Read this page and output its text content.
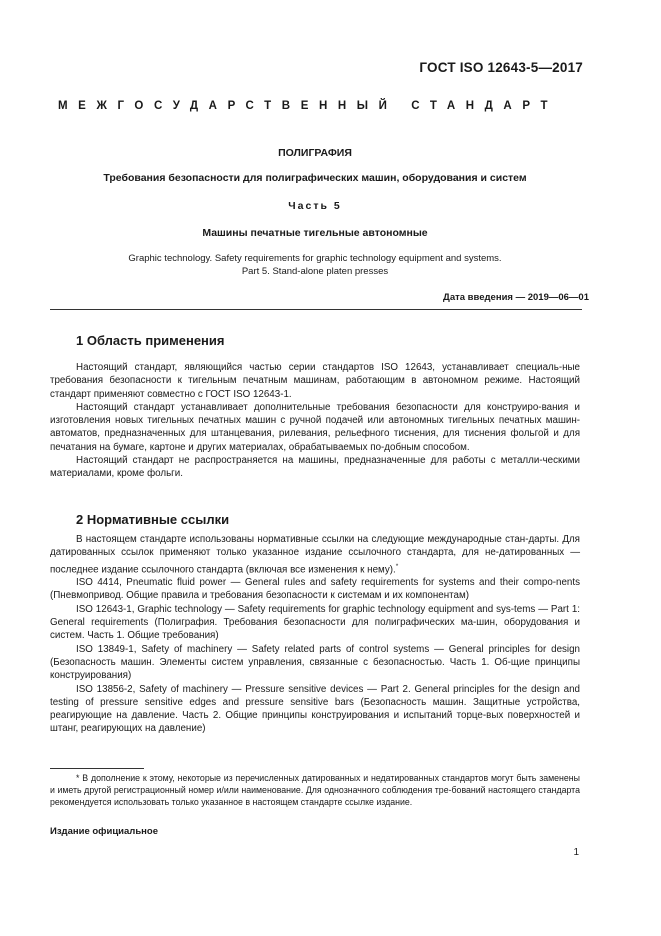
ГОСТ ISO 12643-5—2017
МЕЖГОСУДАРСТВЕННЫЙ СТАНДАРТ
ПОЛИГРАФИЯ
Требования безопасности для полиграфических машин, оборудования и систем
Часть 5
Машины печатные тигельные автономные
Graphic technology. Safety requirements for graphic technology equipment and systems.
Part 5. Stand-alone platen presses
Дата введения — 2019—06—01
1 Область применения

Настоящий стандарт, являющийся частью серии стандартов ISO 12643, устанавливает специаль-ные требования безопасности к тигельным печатным машинам, работающим в автономном режиме. Настоящий стандарт применяют совместно с ГОСТ ISO 12643-1.

Настоящий стандарт устанавливает дополнительные требования безопасности для конструиро-вания и изготовления новых тигельных печатных машин с ручной подачей или автономных тигельных печатных машин-автоматов, предназначенных для штанцевания, рилевания, рельефного тиснения, для тиснения фольгой и для печатания на бумаге, картоне и других материалах, обрабатываемых по-добным способом.

Настоящий стандарт не распространяется на машины, предназначенные для работы с металли-ческими материалами, кроме фольги.

2 Нормативные ссылки

В настоящем стандарте использованы нормативные ссылки на следующие международные стан-дарты. Для датированных ссылок применяют только указанное издание ссылочного стандарта, для не-датированных — последнее издание ссылочного стандарта (включая все изменения к нему).*

ISO 4414, Pneumatic fluid power — General rules and safety requirements for systems and their compo-nents (Пневмопривод. Общие правила и требования безопасности к системам и их компонентам)

ISO 12643-1, Graphic technology — Safety requirements for graphic technology equipment and sys-tems — Part 1: General requirements (Полиграфия. Требования безопасности для полиграфических ма-шин, оборудования и систем. Часть 1. Общие требования)

ISO 13849-1, Safety of machinery — Safety related parts of control systems — General principles for design (Безопасность машин. Элементы систем управления, связанные с безопасностью. Часть 1. Об-щие принципы конструирования)

ISO 13856-2, Safety of machinery — Pressure sensitive devices — Part 2. General principles for the design and testing of pressure sensitive edges and pressure sensitive bars (Безопасность машин. Защитные устройства, реагирующие на давление. Часть 2. Общие принципы конструирования и испытаний торце-вых поверхностей и штанг, реагирующих на давление)

* В дополнение к этому, некоторые из перечисленных датированных и недатированных стандартов могут быть заменены и иметь другой регистрационный номер и/или наименование. Для однозначного соблюдения тре-бований настоящего стандарта рекомендуется использовать только указанное в настоящем стандарте ссылке издание.

Издание официальное
1
